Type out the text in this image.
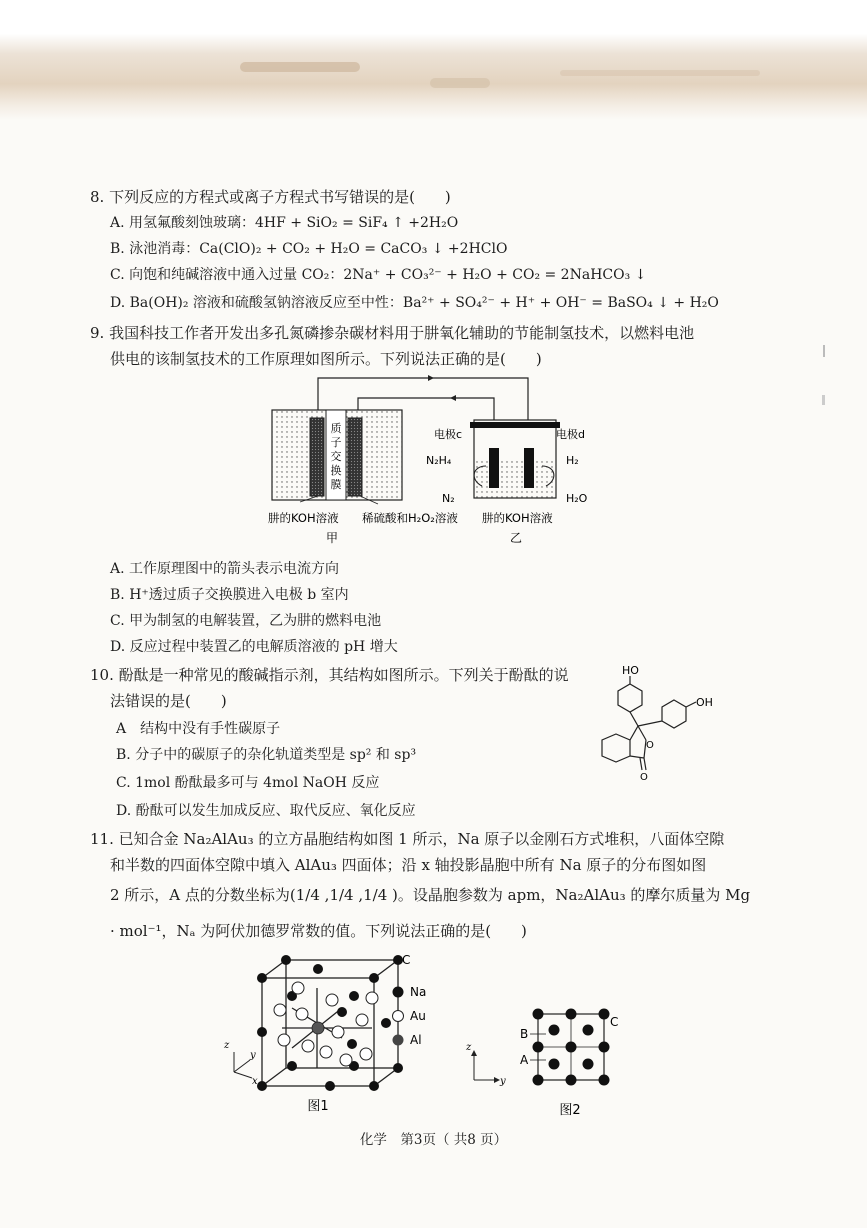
8. 下列反应的方程式或离子方程式书写错误的是(　　)
A. 用氢氟酸刻蚀玻璃：4HF + SiO₂ = SiF₄ ↑ +2H₂O
B. 泳池消毒：Ca(ClO)₂ + CO₂ + H₂O = CaCO₃ ↓ +2HClO
C. 向饱和纯碱溶液中通入过量 CO₂：2Na⁺ + CO₃²⁻ + H₂O + CO₂ = 2NaHCO₃ ↓
D. Ba(OH)₂ 溶液和硫酸氢钠溶液反应至中性：Ba²⁺ + SO₄²⁻ + H⁺ + OH⁻ = BaSO₄ ↓ + H₂O
9. 我国科技工作者开发出多孔氮磷掺杂碳材料用于肼氧化辅助的节能制氢技术，以燃料电池
供电的该制氢技术的工作原理如图所示。下列说法正确的是(　　)
质
子
交
换
膜
肼的KOH溶液 稀硫酸和H₂O₂溶液
甲
电极c	电极d
N₂H₄	H₂
N₂	H₂O
肼的KOH溶液
乙
A. 工作原理图中的箭头表示电流方向
B. H⁺透过质子交换膜进入电极 b 室内
C. 甲为制氢的电解装置，乙为肼的燃料电池
D. 反应过程中装置乙的电解质溶液的 pH 增大
10. 酚酞是一种常见的酸碱指示剂，其结构如图所示。下列关于酚酞的说
法错误的是(　　)
A　结构中没有手性碳原子
B. 分子中的碳原子的杂化轨道类型是 sp² 和 sp³
C. 1mol 酚酞最多可与 4mol NaOH 反应
D. 酚酞可以发生加成反应、取代反应、氧化反应
HO
OH
O
O
11. 已知合金 Na₂AlAu₃ 的立方晶胞结构如图 1 所示，Na 原子以金刚石方式堆积，八面体空隙
和半数的四面体空隙中填入 AlAu₃ 四面体；沿 x 轴投影晶胞中所有 Na 原子的分布图如图
2 所示，A 点的分数坐标为(1/4 ,1/4 ,1/4 )。设晶胞参数为 apm，Na₂AlAu₃ 的摩尔质量为 Mg
· mol⁻¹，Nₐ 为阿伏加德罗常数的值。下列说法正确的是(　　)
C
Na
Au
Al
z
y
x
图1
B
A
C
z
y
图2
化学　第3页（ 共8 页）
